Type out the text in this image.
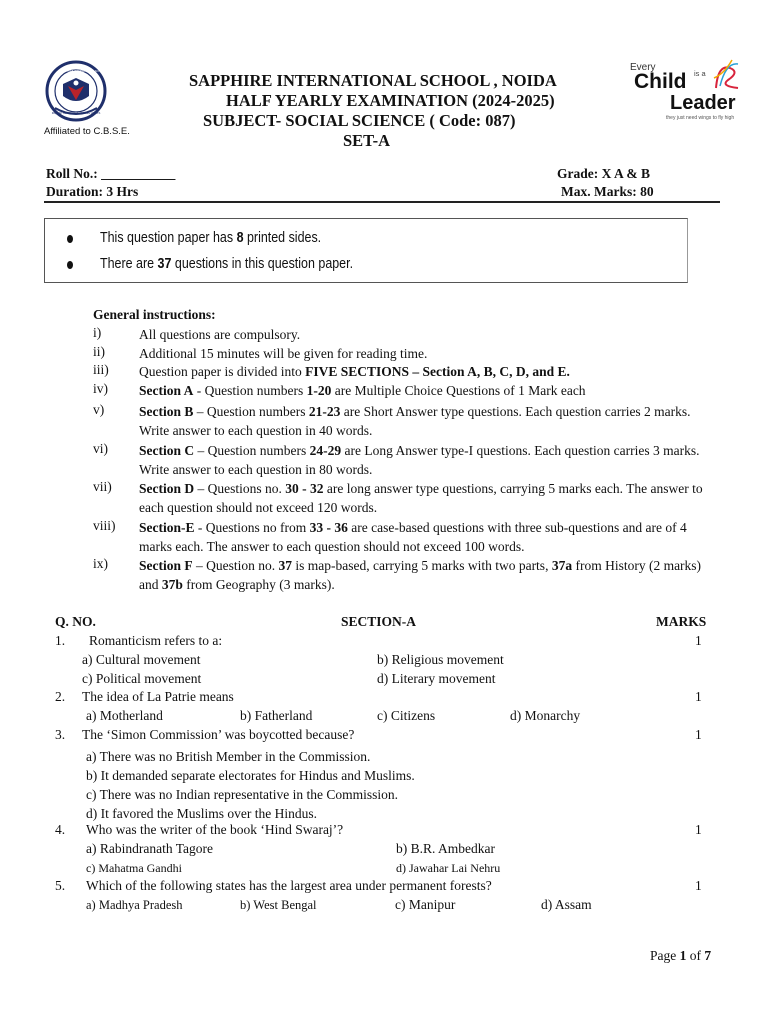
SAPPHIRE INTERNATIONAL SCHOOL
INQUISITIVE MINDS & ABIDING VALUES
Affiliated to C.B.S.E.
Every
Child is a
Leader
they just need wings to fly high
SAPPHIRE INTERNATIONAL SCHOOL , NOIDA
HALF YEARLY EXAMINATION (2024-2025)
SUBJECT- SOCIAL SCIENCE ( Code: 087)
SET-A
Roll No.: ___________	Grade: X A & B
Duration: 3 Hrs	Max. Marks: 80
This question paper has 8 printed sides.
There are 37 questions in this question paper.
General instructions:
i)	All questions are compulsory.
ii)	Additional 15 minutes will be given for reading time.
iii) Question paper is divided into FIVE SECTIONS – Section A, B, C, D, and E.
iv) Section A - Question numbers 1-20 are Multiple Choice Questions of 1 Mark each
v)	Section B – Question numbers 21-23 are Short Answer type questions. Each question carries 2 marks. Write answer to each question in 40 words.
vi) Section C – Question numbers 24-29 are Long Answer type-I questions. Each question carries 3 marks. Write answer to each question in 80 words.
vii) Section D – Questions no. 30 - 32 are long answer type questions, carrying 5 marks each. The answer to each question should not exceed 120 words.
viii) Section-E - Questions no from 33 - 36 are case-based questions with three sub-questions and are of 4 marks each. The answer to each question should not exceed 100 words.
ix) Section F – Question no. 37 is map-based, carrying 5 marks with two parts, 37a from History (2 marks) and 37b from Geography (3 marks).
Q. NO.	SECTION-A	MARKS
1. Romanticism refers to a:	1
a) Cultural movement	b) Religious movement
c) Political movement	d) Literary movement
2. The idea of La Patrie means	1
a) Motherland	b) Fatherland	c) Citizens	d) Monarchy
3. The ‘Simon Commission’ was boycotted because?	1
a) There was no British Member in the Commission.
b) It demanded separate electorates for Hindus and Muslims.
c) There was no Indian representative in the Commission.
d) It favored the Muslims over the Hindus.
4. Who was the writer of the book ‘Hind Swaraj’?	1
a) Rabindranath Tagore	b) B.R. Ambedkar
c) Mahatma Gandhi	d) Jawahar Lai Nehru
5. Which of the following states has the largest area under permanent forests?	1
a) Madhya Pradesh	b) West Bengal	c) Manipur	d) Assam
Page 1 of 7
